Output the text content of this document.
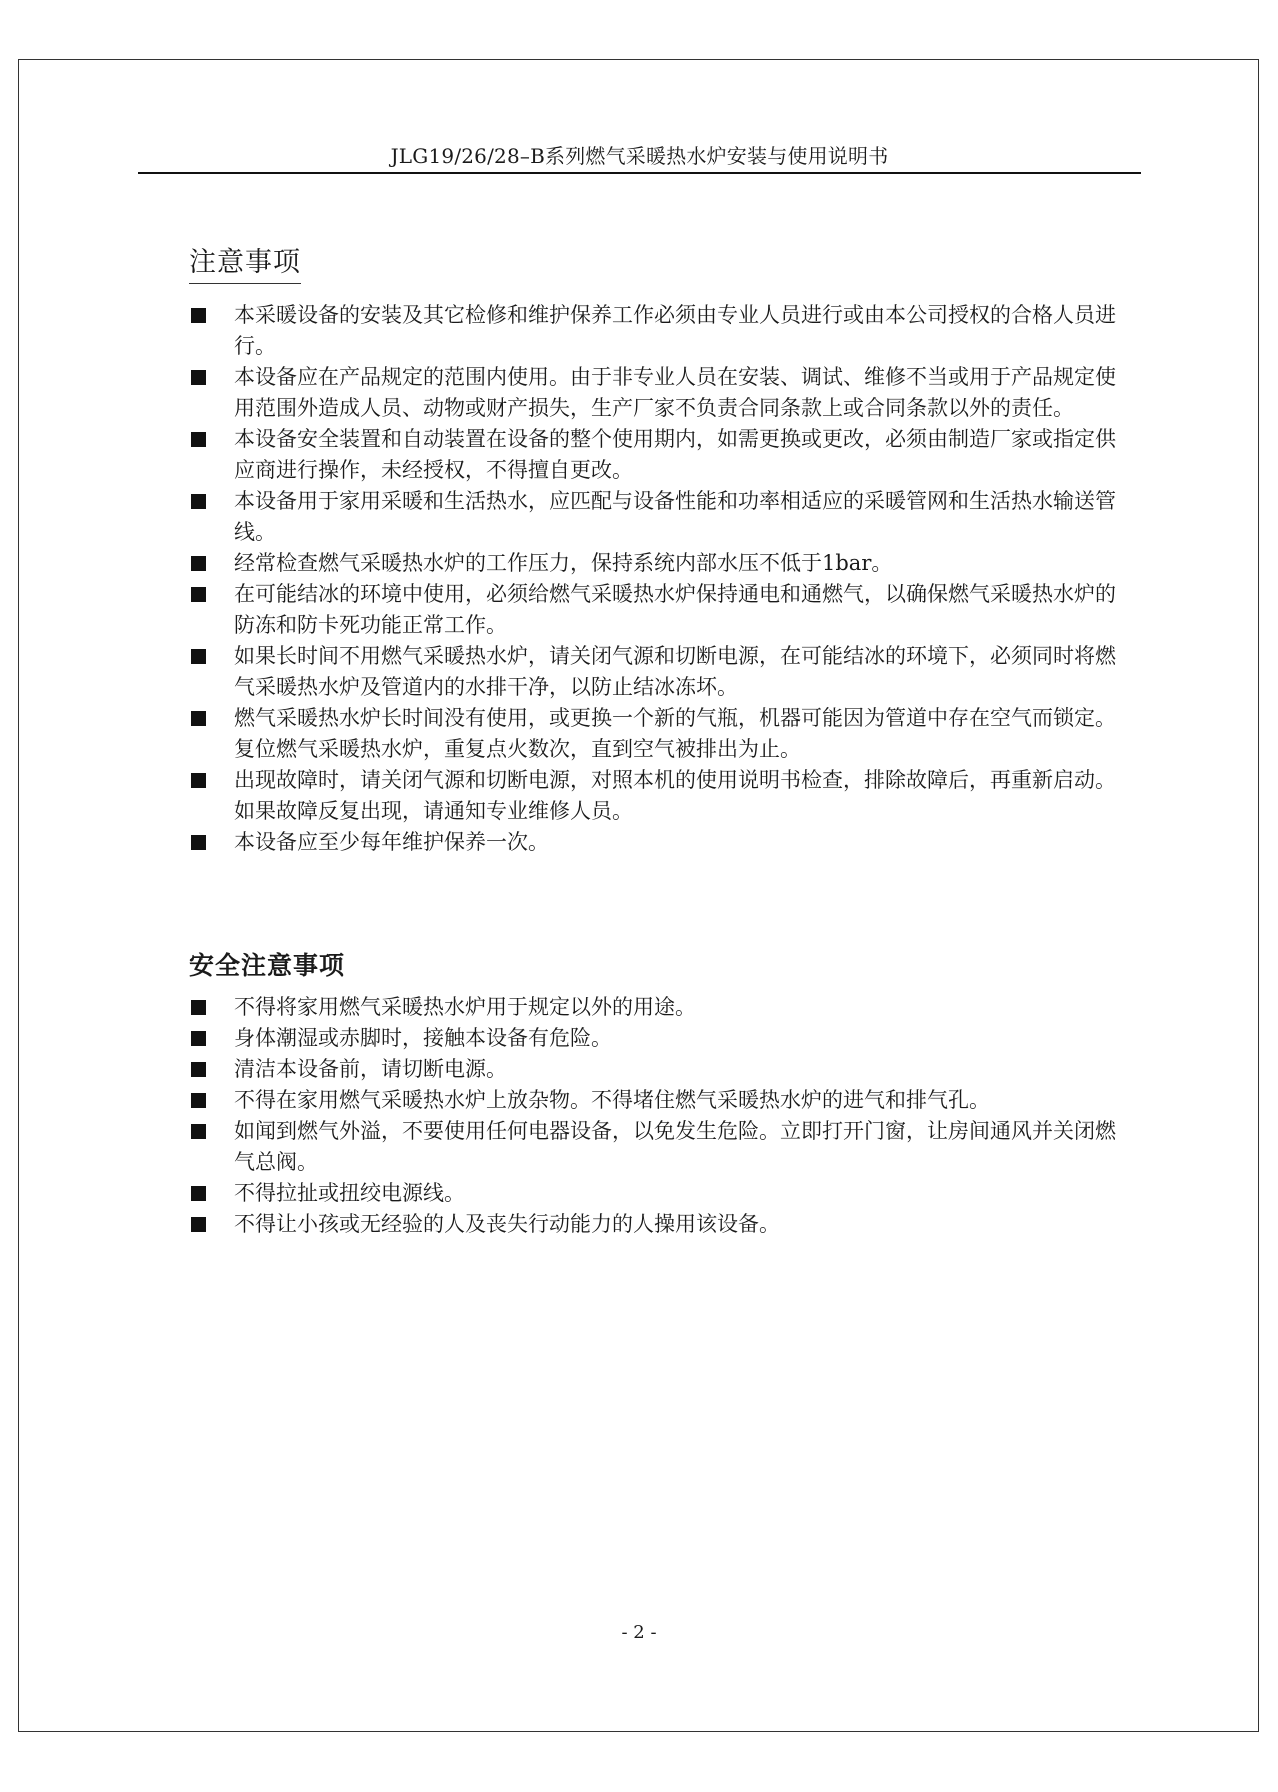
JLG19/26/28–B系列燃气采暖热水炉安装与使用说明书
注意事项
本采暖设备的安装及其它检修和维护保养工作必须由专业人员进行或由本公司授权的合格人员进行。
本设备应在产品规定的范围内使用。由于非专业人员在安装、调试、维修不当或用于产品规定使用范围外造成人员、动物或财产损失，生产厂家不负责合同条款上或合同条款以外的责任。
本设备安全装置和自动装置在设备的整个使用期内，如需更换或更改，必须由制造厂家或指定供应商进行操作，未经授权，不得擅自更改。
本设备用于家用采暖和生活热水，应匹配与设备性能和功率相适应的采暖管网和生活热水输送管线。
经常检查燃气采暖热水炉的工作压力，保持系统内部水压不低于1bar。
在可能结冰的环境中使用，必须给燃气采暖热水炉保持通电和通燃气，以确保燃气采暖热水炉的防冻和防卡死功能正常工作。
如果长时间不用燃气采暖热水炉，请关闭气源和切断电源，在可能结冰的环境下，必须同时将燃气采暖热水炉及管道内的水排干净，以防止结冰冻坏。
燃气采暖热水炉长时间没有使用，或更换一个新的气瓶，机器可能因为管道中存在空气而锁定。复位燃气采暖热水炉，重复点火数次，直到空气被排出为止。
出现故障时，请关闭气源和切断电源，对照本机的使用说明书检查，排除故障后，再重新启动。如果故障反复出现，请通知专业维修人员。
本设备应至少每年维护保养一次。
安全注意事项
不得将家用燃气采暖热水炉用于规定以外的用途。
身体潮湿或赤脚时，接触本设备有危险。
清洁本设备前，请切断电源。
不得在家用燃气采暖热水炉上放杂物。不得堵住燃气采暖热水炉的进气和排气孔。
如闻到燃气外溢，不要使用任何电器设备，以免发生危险。立即打开门窗，让房间通风并关闭燃气总阀。
不得拉扯或扭绞电源线。
不得让小孩或无经验的人及丧失行动能力的人操用该设备。
- 2 -
